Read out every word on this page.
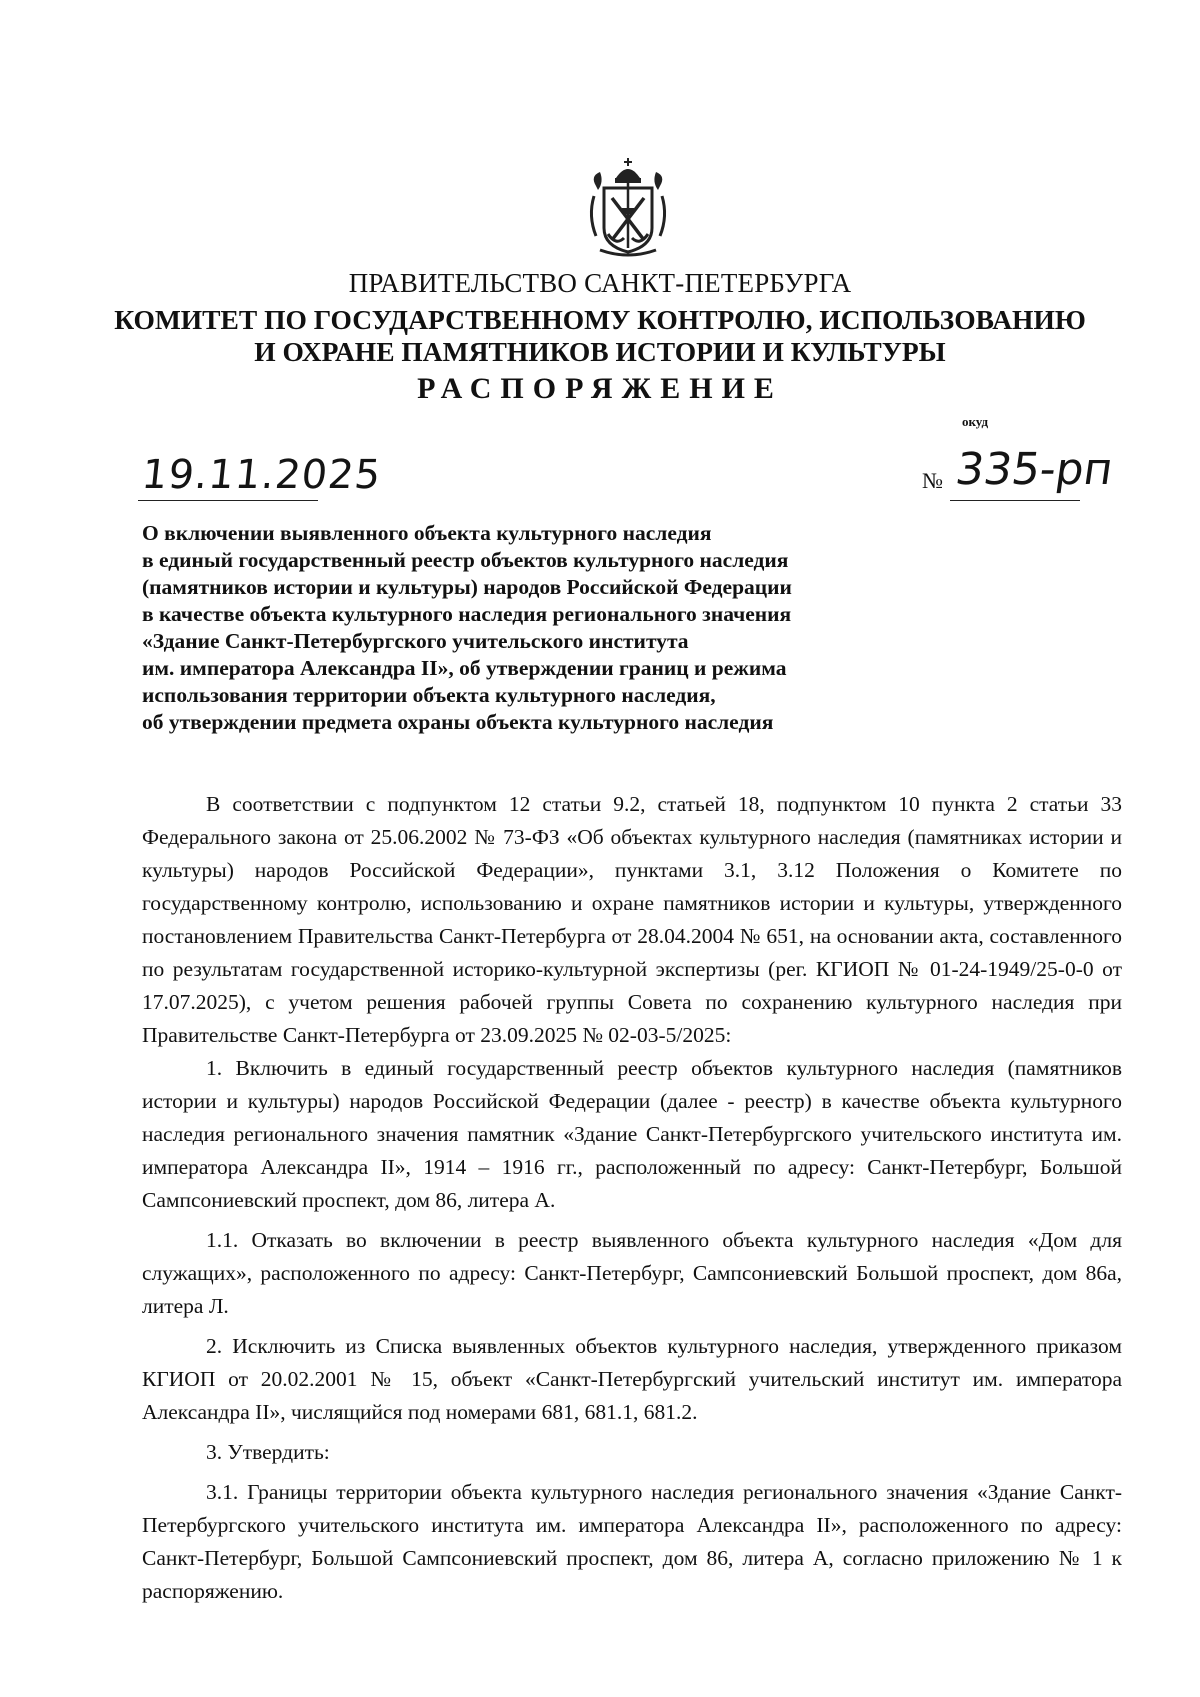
ПРАВИТЕЛЬСТВО САНКТ-ПЕТЕРБУРГА
КОМИТЕТ ПО ГОСУДАРСТВЕННОМУ КОНТРОЛЮ, ИСПОЛЬЗОВАНИЮ
И ОХРАНЕ ПАМЯТНИКОВ ИСТОРИИ И КУЛЬТУРЫ
РАСПОРЯЖЕНИЕ
окуд
19.11.2025	№ 335-рп
О включении выявленного объекта культурного наследия
в единый государственный реестр объектов культурного наследия
(памятников истории и культуры) народов Российской Федерации
в качестве объекта культурного наследия регионального значения
«Здание Санкт-Петербургского учительского института
им. императора Александра II», об утверждении границ и режима
использования территории объекта культурного наследия,
об утверждении предмета охраны объекта культурного наследия

В соответствии с подпунктом 12 статьи 9.2, статьей 18, подпунктом 10 пункта 2 статьи 33 Федерального закона от 25.06.2002 № 73-ФЗ «Об объектах культурного наследия (памятниках истории и культуры) народов Российской Федерации», пунктами 3.1, 3.12 Положения о Комитете по государственному контролю, использованию и охране памятников истории и культуры, утвержденного постановлением Правительства Санкт-Петербурга от 28.04.2004 № 651, на основании акта, составленного по результатам государственной историко-культурной экспертизы (рег. КГИОП № 01-24-1949/25-0-0 от 17.07.2025), с учетом решения рабочей группы Совета по сохранению культурного наследия при Правительстве Санкт-Петербурга от 23.09.2025 № 02-03-5/2025:

1. Включить в единый государственный реестр объектов культурного наследия (памятников истории и культуры) народов Российской Федерации (далее - реестр) в качестве объекта культурного наследия регионального значения памятник «Здание Санкт-Петербургского учительского института им. императора Александра II», 1914 – 1916 гг., расположенный по адресу: Санкт-Петербург, Большой Сампсониевский проспект, дом 86, литера А.

1.1. Отказать во включении в реестр выявленного объекта культурного наследия «Дом для служащих», расположенного по адресу: Санкт-Петербург, Сампсониевский Большой проспект, дом 86а, литера Л.

2. Исключить из Списка выявленных объектов культурного наследия, утвержденного приказом КГИОП от 20.02.2001 № 15, объект «Санкт-Петербургский учительский институт им. императора Александра II», числящийся под номерами 681, 681.1, 681.2.

3. Утвердить:

3.1. Границы территории объекта культурного наследия регионального значения «Здание Санкт-Петербургского учительского института им. императора Александра II», расположенного по адресу: Санкт-Петербург, Большой Сампсониевский проспект, дом 86, литера А, согласно приложению № 1 к распоряжению.
